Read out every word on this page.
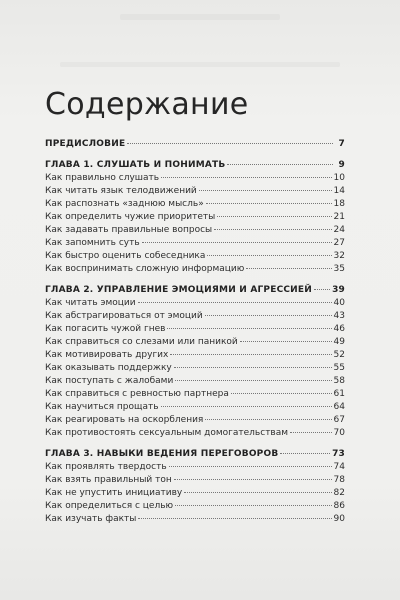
Содержание
ПРЕДИСЛОВИЕ	7
ГЛАВА 1. СЛУШАТЬ И ПОНИМАТЬ	9
Как правильно слушать	10
Как читать язык телодвижений	14
Как распознать «заднюю мысль»	18
Как определить чужие приоритеты	21
Как задавать правильные вопросы	24
Как запомнить суть	27
Как быстро оценить собеседника	32
Как воспринимать сложную информацию	35
ГЛАВА 2. УПРАВЛЕНИЕ ЭМОЦИЯМИ И АГРЕССИЕЙ 39
Как читать эмоции	40
Как абстрагироваться от эмоций	43
Как погасить чужой гнев	46
Как справиться со слезами или паникой	49
Как мотивировать других	52
Как оказывать поддержку	55
Как поступать с жалобами	58
Как справиться с ревностью партнера	61
Как научиться прощать	64
Как реагировать на оскорбления	67
Как противостоять сексуальным домогательствам	70
ГЛАВА 3. НАВЫКИ ВЕДЕНИЯ ПЕРЕГОВОРОВ	73
Как проявлять твердость	74
Как взять правильный тон	78
Как не упустить инициативу	82
Как определиться с целью	86
Как изучать факты	90
